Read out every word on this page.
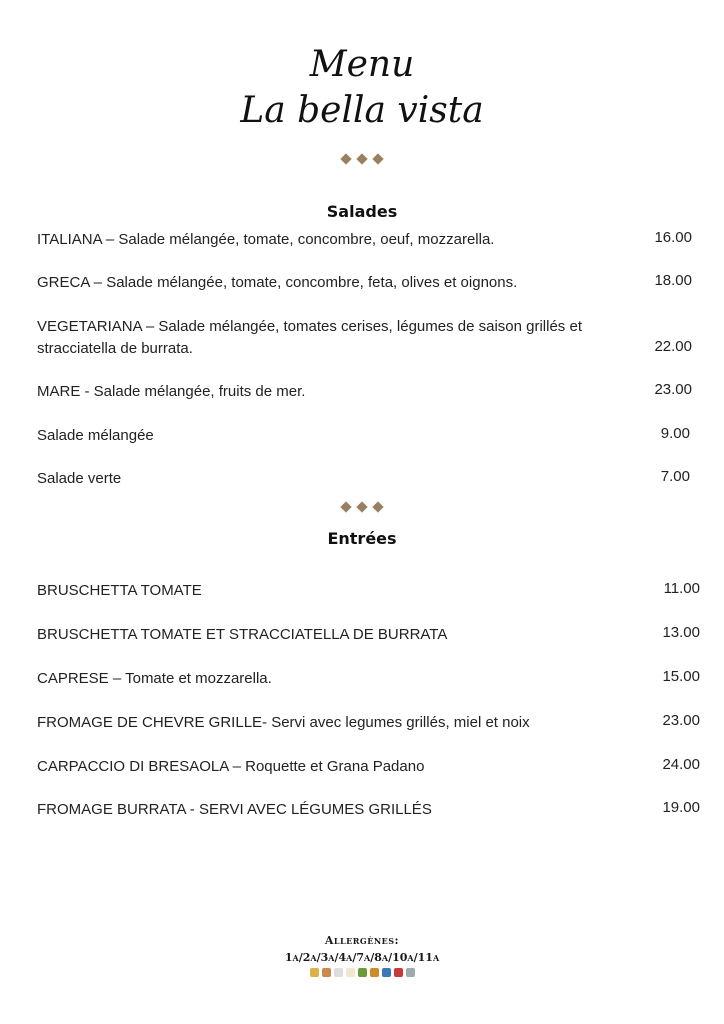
Menu
La bella vista
Salades
ITALIANA – Salade mélangée, tomate, concombre, oeuf, mozzarella.	16.00
GRECA – Salade mélangée, tomate, concombre, feta, olives et oignons.	18.00
VEGETARIANA – Salade mélangée, tomates cerises, légumes de saison grillés et stracciatella de burrata.	22.00
MARE - Salade mélangée, fruits de mer.	23.00
Salade mélangée	9.00
Salade verte	7.00
Entrées
BRUSCHETTA TOMATE	11.00
BRUSCHETTA TOMATE ET STRACCIATELLA DE BURRATA	13.00
CAPRESE – Tomate et mozzarella.	15.00
FROMAGE DE CHEVRE GRILLE- Servi avec legumes grillés, miel et noix	23.00
CARPACCIO DI BRESAOLA – Roquette et Grana Padano	24.00
FROMAGE BURRATA - SERVI AVEC LÉGUMES GRILLÉS	19.00
Allergènes:
1a/2a/3a/4a/7a/8a/10a/11a
